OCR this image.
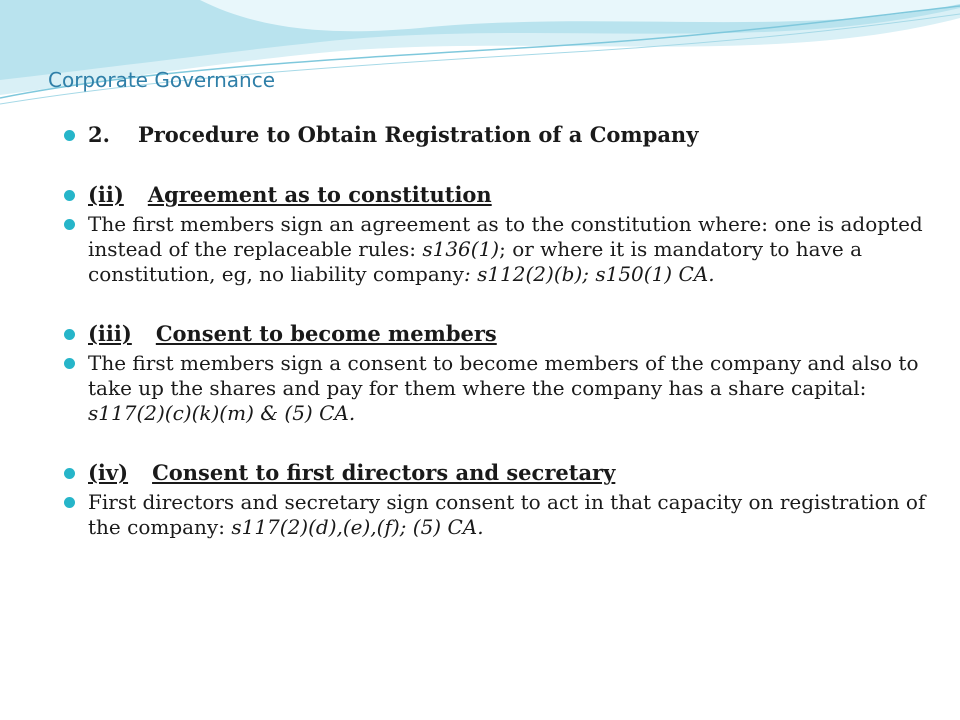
Corporate Governance
2. Procedure to Obtain Registration of a Company
(ii) Agreement as to constitution
The first members sign an agreement as to the constitution where: one is adopted instead of the replaceable rules: s136(1); or where it is mandatory to have a constitution, eg, no liability company: s112(2)(b); s150(1) CA.
(iii) Consent to become members
The first members sign a consent to become members of the company and also to take up the shares and pay for them where the company has a share capital: s117(2)(c)(k)(m) & (5) CA.
(iv) Consent to first directors and secretary
First directors and secretary sign consent to act in that capacity on registration of the company: s117(2)(d),(e),(f); (5) CA.
